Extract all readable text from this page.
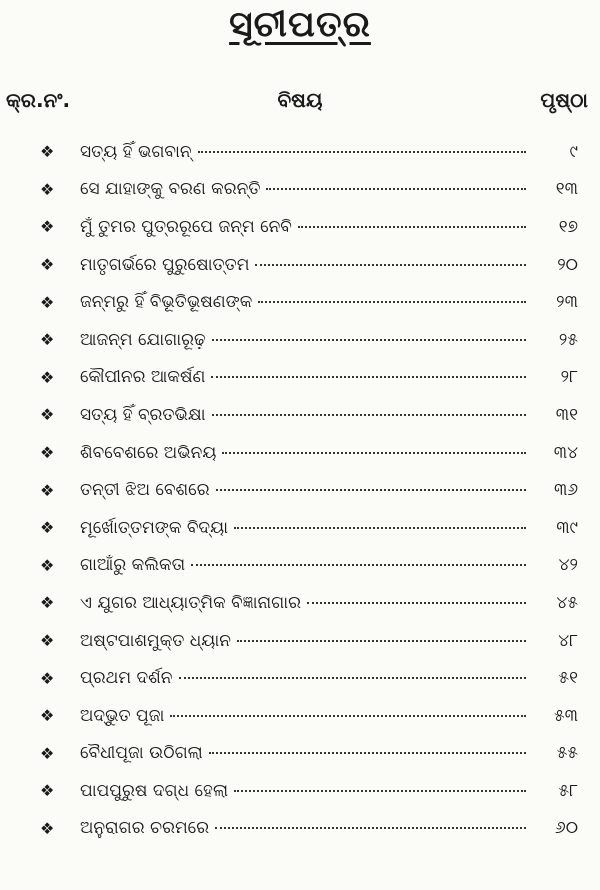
ସୂଚୀପତ୍ର
କ୍ର.ନଂ.	ବିଷୟ	ପୃଷ୍ଠା
❖	ସତ୍ୟ ହିଁ ଭଗବାନ୍	୯
❖	ସେ ଯାହାଙ୍କୁ ବରଣ କରନ୍ତି	୧୩
❖	ମୁଁ ତୁମର ପୁତ୍ରରୂପେ ଜନ୍ମ ନେବି	୧୭
❖	ମାତୃଗର୍ଭରେ ପୁରୁଷୋତ୍ତମ	୨୦
❖	ଜନ୍ମରୁ ହିଁ ବିଭୂତିଭୂଷଣଙ୍କ	୨୩
❖	ଆଜନ୍ମ ଯୋଗାରୂଢ଼	୨୫
❖	କୌପୀନର ଆକର୍ଷଣ	୨୮
❖	ସତ୍ୟ ହିଁ ବ୍ରତଭିକ୍ଷା	୩୧
❖	ଶିବବେଶରେ ଅଭିନୟ	୩୪
❖	ତନ୍ତୀ ଝିଅ ବେଶରେ	୩୬
❖	ମୂର୍ଖୋତ୍ତମଙ୍କ ବିଦ୍ୟା	୩୯
❖	ଗାଆଁରୁ କଲିକତା	୪୨
❖	ଏ ଯୁଗର ଆଧ୍ୟାତ୍ମିକ ବିଜ୍ଞାନାଗାର	୪୫
❖	ଅଷ୍ଟପାଶମୁକ୍ତ ଧ୍ୟାନ	୪୮
❖	ପ୍ରଥମ ଦର୍ଶନ	୫୧
❖	ଅଦ୍ଭୁତ ପୂଜା	୫୩
❖	ବୈଧୀପୂଜା ଉଠିଗଲା	୫୫
❖	ପାପପୁରୁଷ ଦଗ୍ଧ ହେଲା	୫୮
❖	ଅନୁରାଗର ଚରମରେ	୬୦
